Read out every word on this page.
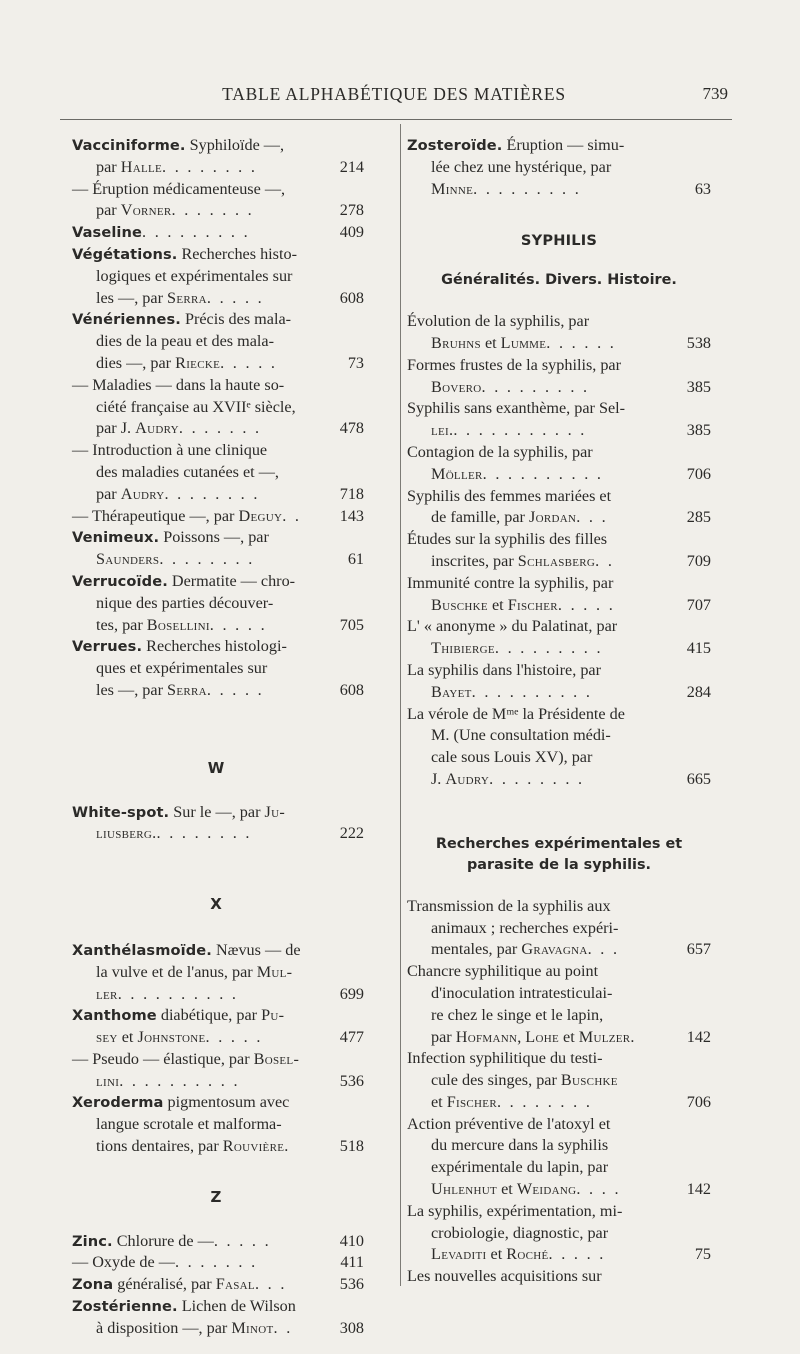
TABLE ALPHABÉTIQUE DES MATIÈRES	739
Vacciniforme. Syphiloïde —,
par Halle. . . . . . . .	214
— Éruption médicamenteuse —,
par Vorner. . . . . . .	278
Vaseline. . . . . . . . .	409
Végétations. Recherches histo-
logiques et expérimentales sur
les —, par Serra. . . . .	608
Vénériennes. Précis des mala-
dies de la peau et des mala-
dies —, par Riecke. . . . .	73
— Maladies — dans la haute so-
ciété française au XVIIᵉ siècle,
par J. Audry. . . . . . .	478
— Introduction à une clinique
des maladies cutanées et —,
par Audry. . . . . . . .	718
— Thérapeutique —, par Deguy. . 143
Venimeux. Poissons —, par
Saunders. . . . . . . .	61
Verrucoïde. Dermatite — chro-
nique des parties découver-
tes, par Bosellini. . . . .	705
Verrues. Recherches histologi-
ques et expérimentales sur
les —, par Serra. . . . .	608
W
White-spot. Sur le —, par Ju-
liusberg.. . . . . . . .	222
X
Xanthélasmoïde. Nævus — de
la vulve et de l'anus, par Mul-
ler. . . . . . . . . .	699
Xanthome diabétique, par Pu-
sey et Johnstone. . . . .	477
— Pseudo — élastique, par Bosel-
lini. . . . . . . . . .	536
Xeroderma pigmentosum avec
langue scrotale et malforma-
tions dentaires, par Rouvière.	518
Z
Zinc. Chlorure de —. . . . .	410
— Oxyde de —. . . . . . .	411
Zona généralisé, par Fasal. . .	536
Zostérienne. Lichen de Wilson
à disposition —, par Minot. .	308
Zosteroïde. Éruption — simu-
lée chez une hystérique, par
Minne. . . . . . . . .	63
SYPHILIS
Généralités. Divers. Histoire.
Évolution de la syphilis, par
Bruhns et Lumme. . . . . .	538
Formes frustes de la syphilis, par
Bovero. . . . . . . . .	385
Syphilis sans exanthème, par Sel-
lei.. . . . . . . . . . .	385
Contagion de la syphilis, par
Möller. . . . . . . . . .	706
Syphilis des femmes mariées et
de famille, par Jordan. . .	285
Études sur la syphilis des filles
inscrites, par Schlasberg. .	709
Immunité contre la syphilis, par
Buschke et Fischer. . . . .	707
L' « anonyme » du Palatinat, par
Thibierge. . . . . . . . .	415
La syphilis dans l'histoire, par
Bayet. . . . . . . . . .	284
La vérole de Mᵐᵉ la Présidente de
M. (Une consultation médi-
cale sous Louis XV), par
J. Audry. . . . . . . .	665
Recherches expérimentales et
parasite de la syphilis.
Transmission de la syphilis aux
animaux ; recherches expéri-
mentales, par Gravagna. . .	657
Chancre syphilitique au point
d'inoculation intratesticulai-
re chez le singe et le lapin,
par Hofmann, Lohe et Mulzer.	142
Infection syphilitique du testi-
cule des singes, par Buschke
et Fischer. . . . . . . .	706
Action préventive de l'atoxyl et
du mercure dans la syphilis
expérimentale du lapin, par
Uhlenhut et Weidang. . . .	142
La syphilis, expérimentation, mi-
crobiologie, diagnostic, par
Levaditi et Roché. . . . .	75
Les nouvelles acquisitions sur
